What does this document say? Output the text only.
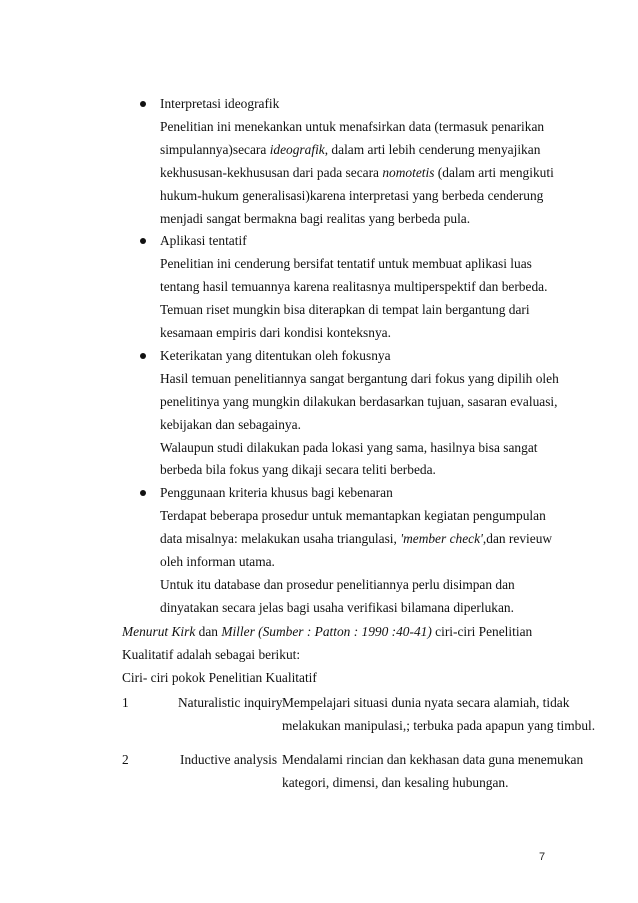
Interpretasi ideografik
Penelitian ini menekankan untuk menafsirkan data (termasuk penarikan
simpulannya)secara ideografik, dalam arti lebih cenderung menyajikan
kekhususan-kekhususan dari pada secara nomotetis (dalam arti mengikuti
hukum-hukum generalisasi)karena interpretasi yang berbeda cenderung
menjadi sangat bermakna bagi realitas yang berbeda pula.
Aplikasi tentatif
Penelitian ini cenderung bersifat tentatif untuk membuat aplikasi luas
tentang hasil temuannya karena realitasnya multiperspektif dan berbeda.
Temuan riset mungkin bisa diterapkan di tempat lain bergantung dari
kesamaan empiris dari kondisi konteksnya.
Keterikatan yang ditentukan oleh fokusnya
Hasil temuan penelitiannya sangat bergantung dari fokus yang dipilih oleh
penelitinya yang mungkin dilakukan berdasarkan tujuan, sasaran evaluasi,
kebijakan dan sebagainya.
Walaupun studi dilakukan pada lokasi yang sama, hasilnya bisa sangat
berbeda bila fokus yang dikaji secara teliti berbeda.
Penggunaan kriteria khusus bagi kebenaran
Terdapat beberapa prosedur untuk memantapkan kegiatan pengumpulan
data misalnya: melakukan usaha triangulasi, 'member check',dan revieuw
oleh informan utama.
Untuk itu database dan prosedur penelitiannya perlu disimpan dan
dinyatakan secara jelas bagi usaha verifikasi bilamana diperlukan.
Menurut Kirk dan Miller (Sumber : Patton : 1990 :40-41) ciri-ciri Penelitian
Kualitatif adalah sebagai berikut:
Ciri- ciri pokok Penelitian Kualitatif
1	Naturalistic inquiry Mempelajari situasi dunia nyata secara alamiah, tidak
melakukan manipulasi,; terbuka pada apapun yang timbul.
2	Inductive analysis Mendalami rincian dan kekhasan data guna menemukan
kategori, dimensi, dan kesaling hubungan.
7
